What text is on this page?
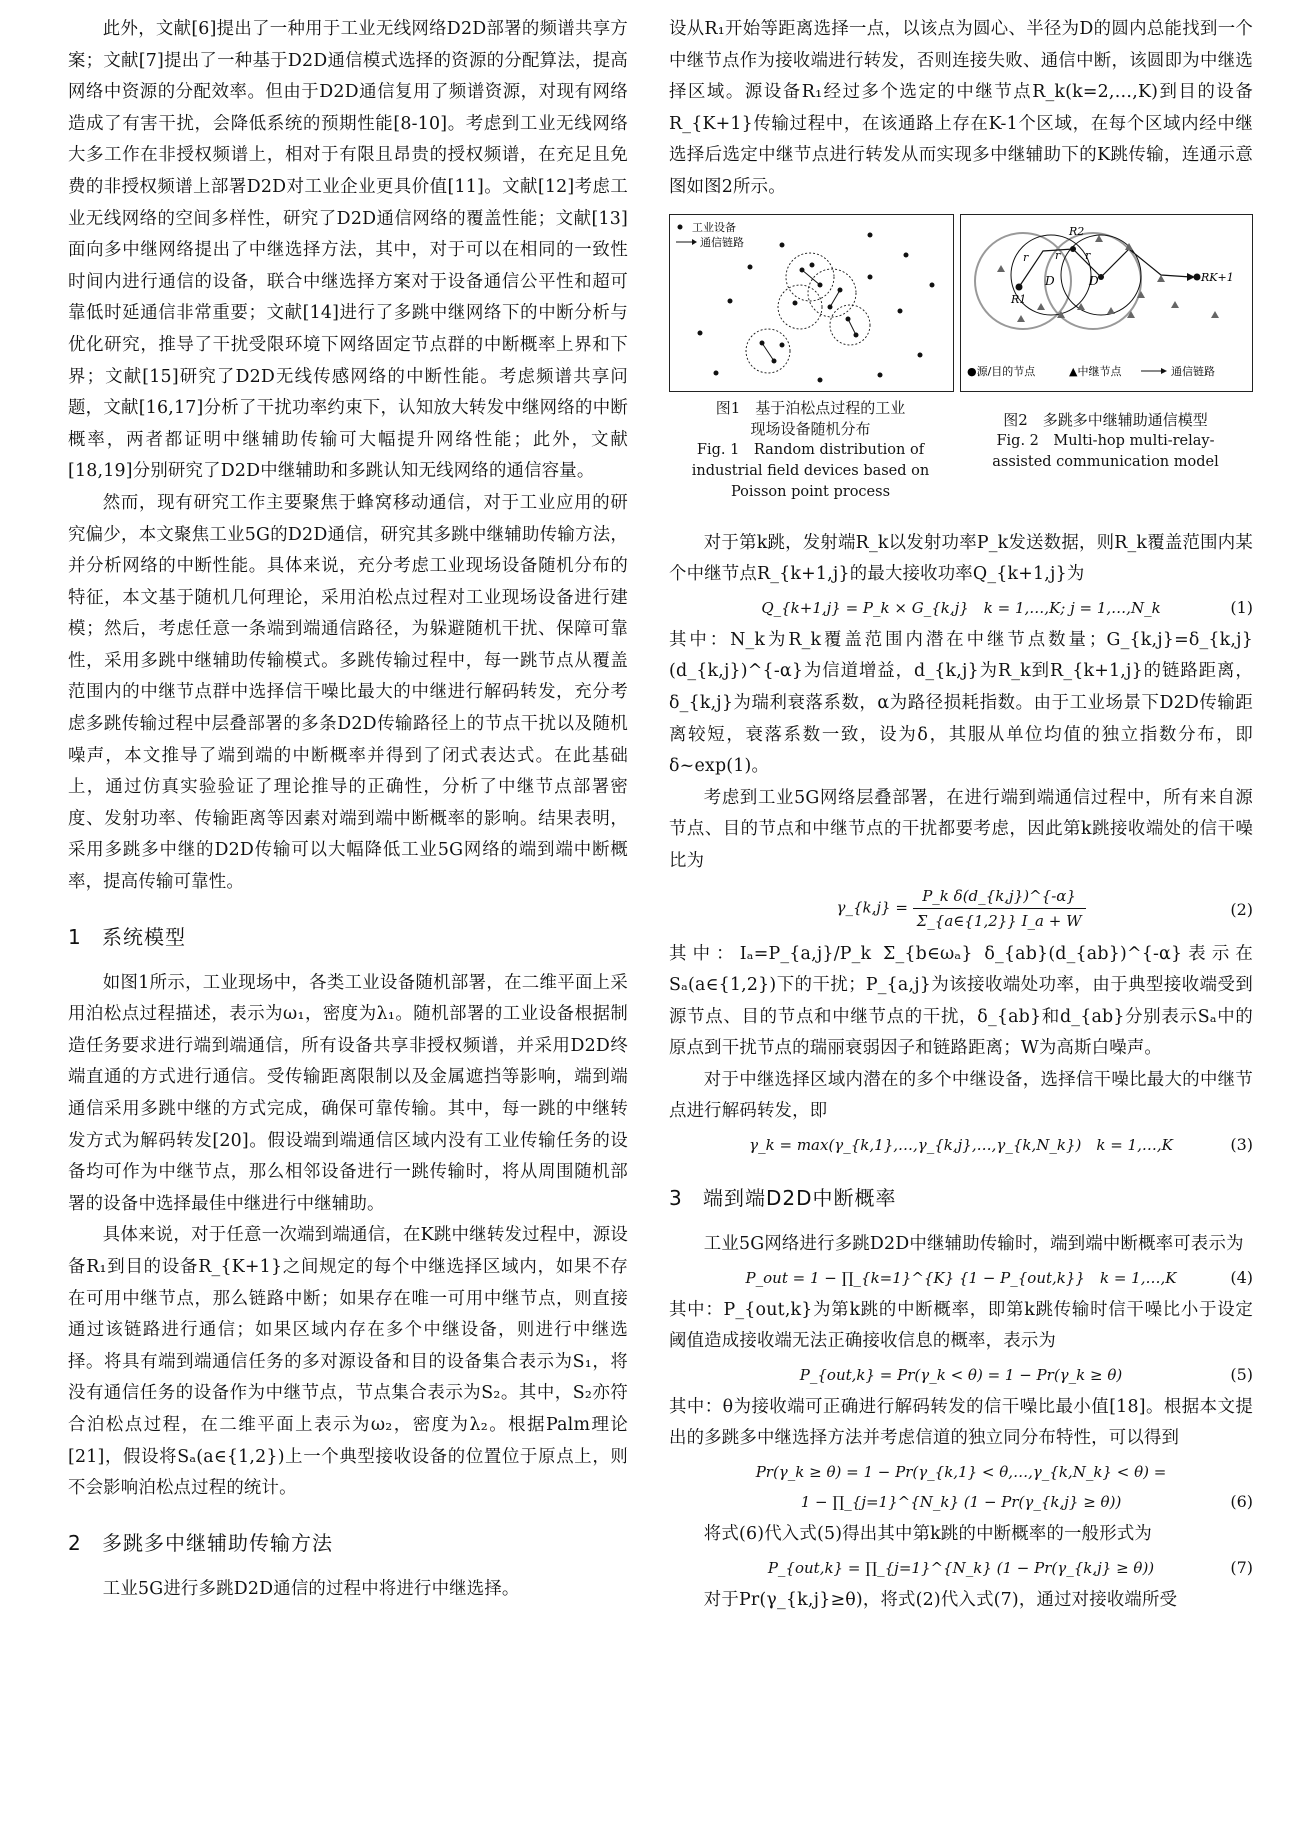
此外，文献[6]提出了一种用于工业无线网络D2D部署的频谱共享方案；文献[7]提出了一种基于D2D通信模式选择的资源的分配算法，提高网络中资源的分配效率。但由于D2D通信复用了频谱资源，对现有网络造成了有害干扰，会降低系统的预期性能[8-10]。考虑到工业无线网络大多工作在非授权频谱上，相对于有限且昂贵的授权频谱，在充足且免费的非授权频谱上部署D2D对工业企业更具价值[11]。文献[12]考虑工业无线网络的空间多样性，研究了D2D通信网络的覆盖性能；文献[13]面向多中继网络提出了中继选择方法，其中，对于可以在相同的一致性时间内进行通信的设备，联合中继选择方案对于设备通信公平性和超可靠低时延通信非常重要；文献[14]进行了多跳中继网络下的中断分析与优化研究，推导了干扰受限环境下网络固定节点群的中断概率上界和下界；文献[15]研究了D2D无线传感网络的中断性能。考虑频谱共享问题，文献[16,17]分析了干扰功率约束下，认知放大转发中继网络的中断概率，两者都证明中继辅助传输可大幅提升网络性能；此外，文献[18,19]分别研究了D2D中继辅助和多跳认知无线网络的通信容量。

然而，现有研究工作主要聚焦于蜂窝移动通信，对于工业应用的研究偏少，本文聚焦工业5G的D2D通信，研究其多跳中继辅助传输方法，并分析网络的中断性能。具体来说，充分考虑工业现场设备随机分布的特征，本文基于随机几何理论，采用泊松点过程对工业现场设备进行建模；然后，考虑任意一条端到端通信路径，为躲避随机干扰、保障可靠性，采用多跳中继辅助传输模式。多跳传输过程中，每一跳节点从覆盖范围内的中继节点群中选择信干噪比最大的中继进行解码转发，充分考虑多跳传输过程中层叠部署的多条D2D传输路径上的节点干扰以及随机噪声，本文推导了端到端的中断概率并得到了闭式表达式。在此基础上，通过仿真实验验证了理论推导的正确性，分析了中继节点部署密度、发射功率、传输距离等因素对端到端中断概率的影响。结果表明，采用多跳多中继的D2D传输可以大幅降低工业5G网络的端到端中断概率，提高传输可靠性。

1 系统模型

如图1所示，工业现场中，各类工业设备随机部署，在二维平面上采用泊松点过程描述，表示为ω₁，密度为λ₁。随机部署的工业设备根据制造任务要求进行端到端通信，所有设备共享非授权频谱，并采用D2D终端直通的方式进行通信。受传输距离限制以及金属遮挡等影响，端到端通信采用多跳中继的方式完成，确保可靠传输。其中，每一跳的中继转发方式为解码转发[20]。假设端到端通信区域内没有工业传输任务的设备均可作为中继节点，那么相邻设备进行一跳传输时，将从周围随机部署的设备中选择最佳中继进行中继辅助。

具体来说，对于任意一次端到端通信，在K跳中继转发过程中，源设备R₁到目的设备R_{K+1}之间规定的每个中继选择区域内，如果不存在可用中继节点，那么链路中断；如果存在唯一可用中继节点，则直接通过该链路进行通信；如果区域内存在多个中继设备，则进行中继选择。将具有端到端通信任务的多对源设备和目的设备集合表示为S₁，将没有通信任务的设备作为中继节点，节点集合表示为S₂。其中，S₂亦符合泊松点过程，在二维平面上表示为ω₂，密度为λ₂。根据Palm理论[21]，假设将Sₐ(a∈{1,2})上一个典型接收设备的位置位于原点上，则不会影响泊松点过程的统计。

2 多跳多中继辅助传输方法

工业5G进行多跳D2D通信的过程中将进行中继选择。

设从R₁开始等距离选择一点，以该点为圆心、半径为D的圆内总能找到一个中继节点作为接收端进行转发，否则连接失败、通信中断，该圆即为中继选择区域。源设备R₁经过多个选定的中继节点R_k(k=2,…,K)到目的设备R_{K+1}传输过程中，在该通路上存在K-1个区域，在每个区域内经中继选择后选定中继节点进行转发从而实现多中继辅助下的K跳传输，连通示意图如图2所示。

工业设备
通信链路
R1
R2
RK+1
D	D
r r r
●源/目的节点	▲中继节点	通信链路
图1　基于泊松点过程的工业
现场设备随机分布
Fig. 1　Random distribution of
industrial field devices based on
Poisson point process
图2　多跳多中继辅助通信模型
Fig. 2　Multi-hop multi-relay-
assisted communication model

对于第k跳，发射端R_k以发射功率P_k发送数据，则R_k覆盖范围内某个中继节点R_{k+1,j}的最大接收功率Q_{k+1,j}为

Q_{k+1,j} = P_k × G_{k,j}　k = 1,…,K; j = 1,…,N_k	(1)

其中：N_k为R_k覆盖范围内潜在中继节点数量；G_{k,j}=δ_{k,j}(d_{k,j})^{-α}为信道增益，d_{k,j}为R_k到R_{k+1,j}的链路距离，δ_{k,j}为瑞利衰落系数，α为路径损耗指数。由于工业场景下D2D传输距离较短，衰落系数一致，设为δ，其服从单位均值的独立指数分布，即δ~exp(1)。

考虑到工业5G网络层叠部署，在进行端到端通信过程中，所有来自源节点、目的节点和中继节点的干扰都要考虑，因此第k跳接收端处的信干噪比为

γ_{k,j} = $\frac{\text{P\_k δ(d\_\{k,j\})\textasciicircum{}\{-α\}}}{\Sigma\_\{a\in\{1,2\}\} I\_a + W}$	(2)

其中：Iₐ=P_{a,j}/P_k Σ_{b∈ωₐ} δ_{ab}(d_{ab})^{-α}表示在Sₐ(a∈{1,2})下的干扰；P_{a,j}为该接收端处功率，由于典型接收端受到源节点、目的节点和中继节点的干扰，δ_{ab}和d_{ab}分别表示Sₐ中的原点到干扰节点的瑞丽衰弱因子和链路距离；W为高斯白噪声。

对于中继选择区域内潜在的多个中继设备，选择信干噪比最大的中继节点进行解码转发，即

γ_k = max(γ_{k,1},…,γ_{k,j},…,γ_{k,N_k})　k = 1,…,K	(3)
3 端到端D2D中断概率

工业5G网络进行多跳D2D中继辅助传输时，端到端中断概率可表示为

P_out = 1 − ∏_{k=1}^{K} {1 − P_{out,k}}　k = 1,…,K	(4)

其中：P_{out,k}为第k跳的中断概率，即第k跳传输时信干噪比小于设定阈值造成接收端无法正确接收信息的概率，表示为

P_{out,k} = Pr(γ_k < θ) = 1 − Pr(γ_k ≥ θ)	(5)

其中：θ为接收端可正确进行解码转发的信干噪比最小值[18]。根据本文提出的多跳多中继选择方法并考虑信道的独立同分布特性，可以得到

Pr(γ_k ≥ θ) = 1 − Pr(γ_{k,1} < θ,…,γ_{k,N_k} < θ) =
1 − ∏_{j=1}^{N_k} (1 − Pr(γ_{k,j} ≥ θ))	(6)

将式(6)代入式(5)得出其中第k跳的中断概率的一般形式为

P_{out,k} = ∏_{j=1}^{N_k} (1 − Pr(γ_{k,j} ≥ θ))	(7)

对于Pr(γ_{k,j}≥θ)，将式(2)代入式(7)，通过对接收端所受
